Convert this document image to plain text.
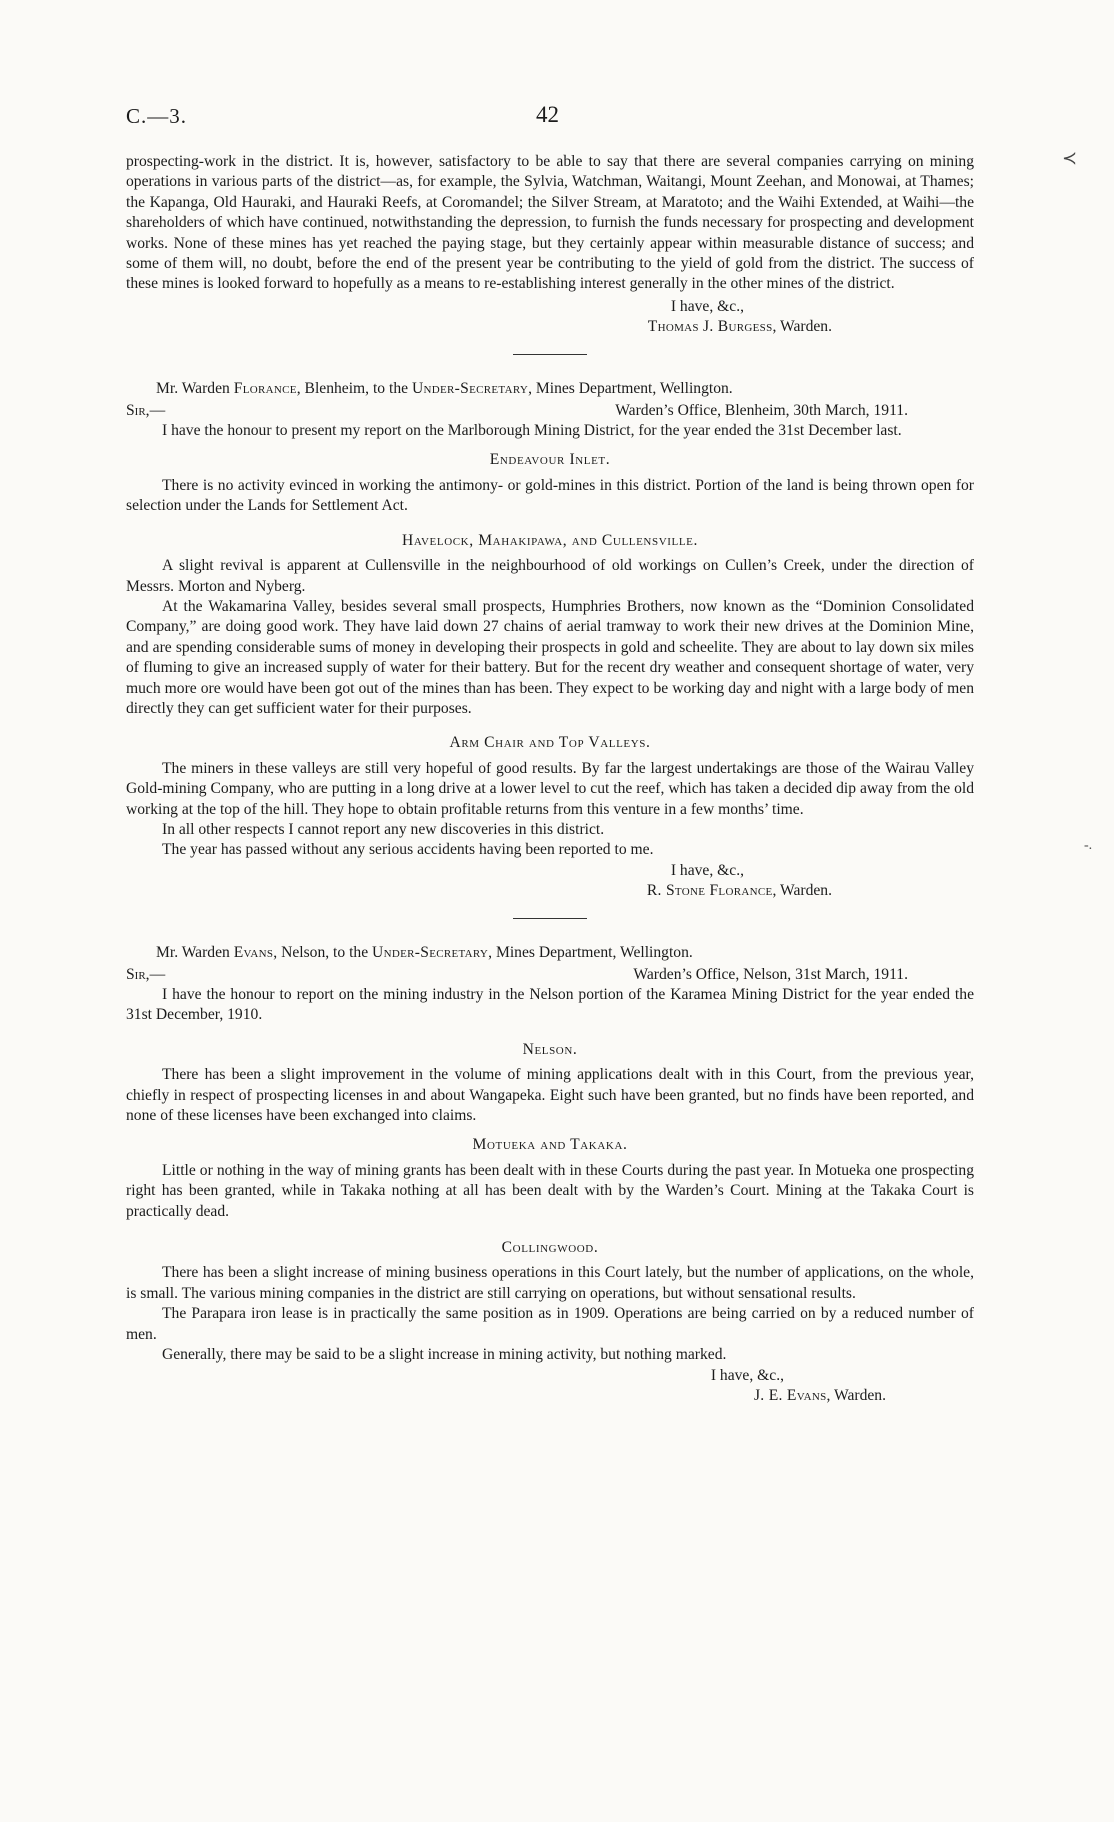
≺
-.
C.—3.	42

prospecting-work in the district. It is, however, satisfactory to be able to say that there are several companies carrying on mining operations in various parts of the district—as, for example, the Sylvia, Watchman, Waitangi, Mount Zeehan, and Monowai, at Thames; the Kapanga, Old Hauraki, and Hauraki Reefs, at Coromandel; the Silver Stream, at Maratoto; and the Waihi Extended, at Waihi—the shareholders of which have continued, notwithstanding the depression, to furnish the funds necessary for prospecting and development works. None of these mines has yet reached the paying stage, but they certainly appear within measurable distance of success; and some of them will, no doubt, before the end of the present year be contributing to the yield of gold from the district. The success of these mines is looked forward to hopefully as a means to re-establishing interest generally in the other mines of the district.

I have, &c.,
Thomas J. Burgess, Warden.
Mr. Warden Florance, Blenheim, to the Under-Secretary, Mines Department, Wellington.
Sir,—	Warden’s Office, Blenheim, 30th March, 1911.

I have the honour to present my report on the Marlborough Mining District, for the year ended the 31st December last.

Endeavour Inlet.

There is no activity evinced in working the antimony- or gold-mines in this district. Portion of the land is being thrown open for selection under the Lands for Settlement Act.

Havelock, Mahakipawa, and Cullensville.

A slight revival is apparent at Cullensville in the neighbourhood of old workings on Cullen’s Creek, under the direction of Messrs. Morton and Nyberg.

At the Wakamarina Valley, besides several small prospects, Humphries Brothers, now known as the “Dominion Consolidated Company,” are doing good work. They have laid down 27 chains of aerial tramway to work their new drives at the Dominion Mine, and are spending considerable sums of money in developing their prospects in gold and scheelite. They are about to lay down six miles of fluming to give an increased supply of water for their battery. But for the recent dry weather and consequent shortage of water, very much more ore would have been got out of the mines than has been. They expect to be working day and night with a large body of men directly they can get sufficient water for their purposes.

Arm Chair and Top Valleys.

The miners in these valleys are still very hopeful of good results. By far the largest undertakings are those of the Wairau Valley Gold-mining Company, who are putting in a long drive at a lower level to cut the reef, which has taken a decided dip away from the old working at the top of the hill. They hope to obtain profitable returns from this venture in a few months’ time.

In all other respects I cannot report any new discoveries in this district.

The year has passed without any serious accidents having been reported to me.

I have, &c.,
R. Stone Florance, Warden.
Mr. Warden Evans, Nelson, to the Under-Secretary, Mines Department, Wellington.
Sir,—	Warden’s Office, Nelson, 31st March, 1911.

I have the honour to report on the mining industry in the Nelson portion of the Karamea Mining District for the year ended the 31st December, 1910.

Nelson.

There has been a slight improvement in the volume of mining applications dealt with in this Court, from the previous year, chiefly in respect of prospecting licenses in and about Wangapeka. Eight such have been granted, but no finds have been reported, and none of these licenses have been exchanged into claims.

Motueka and Takaka.

Little or nothing in the way of mining grants has been dealt with in these Courts during the past year. In Motueka one prospecting right has been granted, while in Takaka nothing at all has been dealt with by the Warden’s Court. Mining at the Takaka Court is practically dead.

Collingwood.

There has been a slight increase of mining business operations in this Court lately, but the number of applications, on the whole, is small. The various mining companies in the district are still carrying on operations, but without sensational results.

The Parapara iron lease is in practically the same position as in 1909. Operations are being carried on by a reduced number of men.

Generally, there may be said to be a slight increase in mining activity, but nothing marked.

I have, &c.,
J. E. Evans, Warden.
